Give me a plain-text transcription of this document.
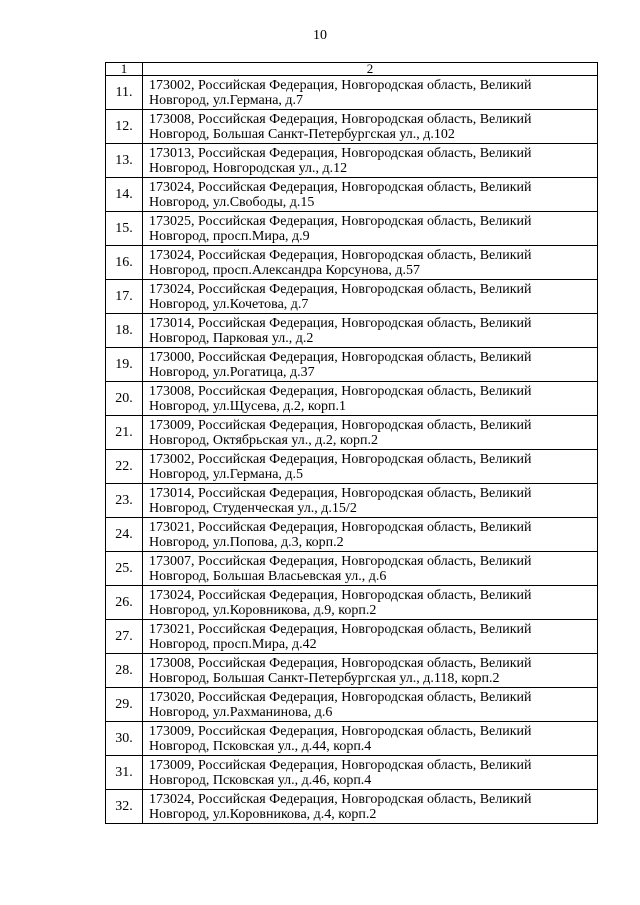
10
1	2
11.	173002, Российская Федерация, Новгородская область, Великий
Новгород, ул.Германа, д.7

12.	173008, Российская Федерация, Новгородская область, Великий
Новгород, Большая Санкт-Петербургская ул., д.102

13.	173013, Российская Федерация, Новгородская область, Великий
Новгород, Новгородская ул., д.12

14.	173024, Российская Федерация, Новгородская область, Великий
Новгород, ул.Свободы, д.15

15.	173025, Российская Федерация, Новгородская область, Великий
Новгород, просп.Мира, д.9

16.	173024, Российская Федерация, Новгородская область, Великий
Новгород, просп.Александра Корсунова, д.57

17.	173024, Российская Федерация, Новгородская область, Великий
Новгород, ул.Кочетова, д.7

18.	173014, Российская Федерация, Новгородская область, Великий
Новгород, Парковая ул., д.2

19.	173000, Российская Федерация, Новгородская область, Великий
Новгород, ул.Рогатица, д.37

20.	173008, Российская Федерация, Новгородская область, Великий
Новгород, ул.Щусева, д.2, корп.1

21.	173009, Российская Федерация, Новгородская область, Великий
Новгород, Октябрьская ул., д.2, корп.2

22.	173002, Российская Федерация, Новгородская область, Великий
Новгород, ул.Германа, д.5

23.	173014, Российская Федерация, Новгородская область, Великий
Новгород, Студенческая ул., д.15/2

24.	173021, Российская Федерация, Новгородская область, Великий
Новгород, ул.Попова, д.3, корп.2

25.	173007, Российская Федерация, Новгородская область, Великий
Новгород, Большая Власьевская ул., д.6

26.	173024, Российская Федерация, Новгородская область, Великий
Новгород, ул.Коровникова, д.9, корп.2

27.	173021, Российская Федерация, Новгородская область, Великий
Новгород, просп.Мира, д.42

28.	173008, Российская Федерация, Новгородская область, Великий
Новгород, Большая Санкт-Петербургская ул., д.118, корп.2

29.	173020, Российская Федерация, Новгородская область, Великий
Новгород, ул.Рахманинова, д.6

30.	173009, Российская Федерация, Новгородская область, Великий
Новгород, Псковская ул., д.44, корп.4

31.	173009, Российская Федерация, Новгородская область, Великий
Новгород, Псковская ул., д.46, корп.4

32.	173024, Российская Федерация, Новгородская область, Великий
Новгород, ул.Коровникова, д.4, корп.2
